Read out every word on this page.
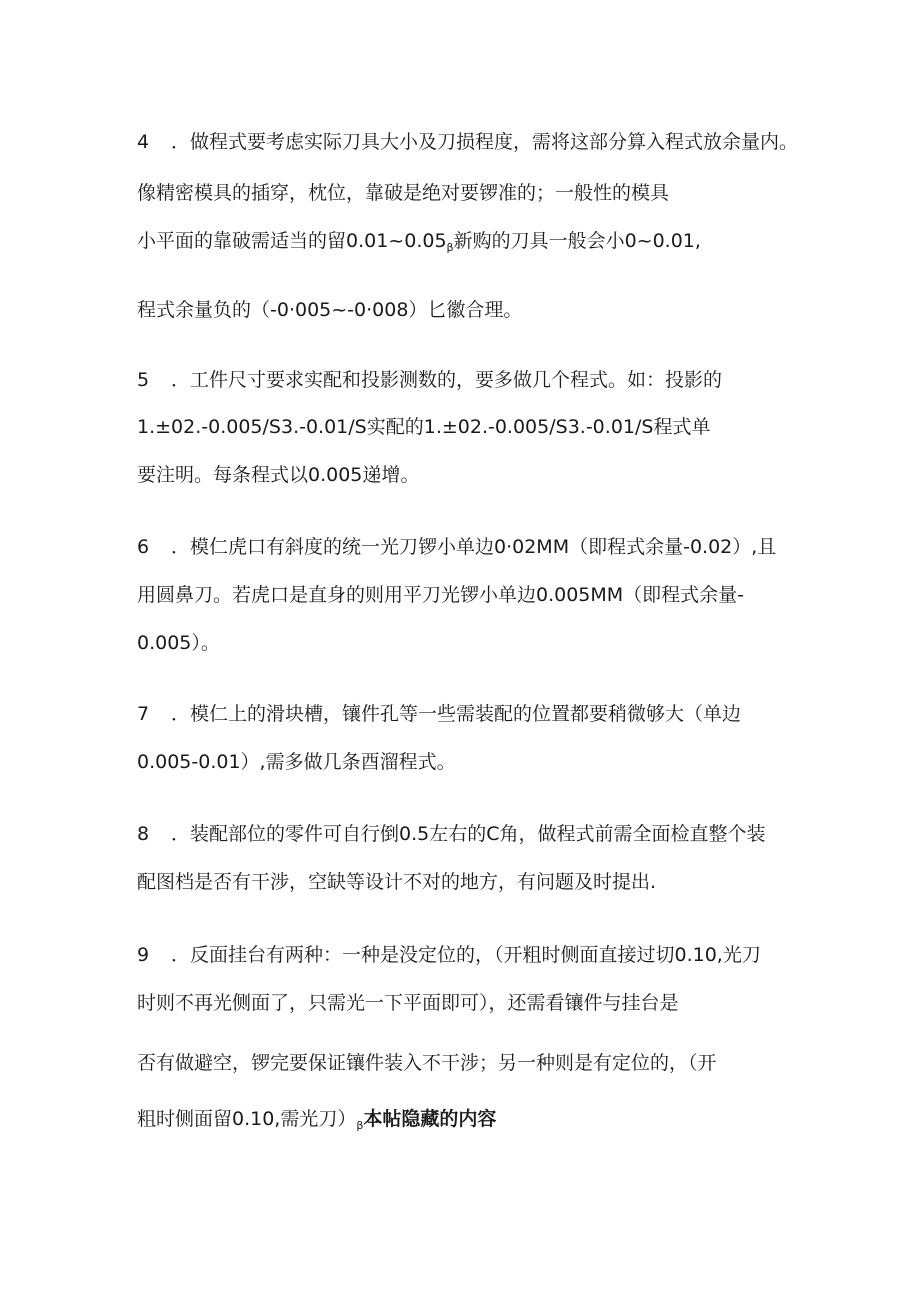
4 ．做程式要考虑实际刀具大小及刀损程度，需将这部分算入程式放余量内。
像精密模具的插穿，枕位，靠破是绝对要锣准的；一般性的模具
小平面的靠破需适当的留$0.01\sim 0.05_\beta$新购的刀具一般会小0~0.01,
程式余量负的（-0·005~-0·008）匕徽合理。
5 ．工件尺寸要求实配和投影测数的，要多做几个程式。如：投影的
1.±02.-0.005∕S3.-0.01/S实配的1.±02.-0.005∕S3.-0.01/S程式单
要注明。每条程式以0.005递增。
6 ．模仁虎口有斜度的统一光刀锣小单边0·02MM（即程式余量-0.02）,且
用圆鼻刀。若虎口是直身的则用平刀光锣小单边0.005MM（即程式余量-
0.005）。
7 ．模仁上的滑块槽，镶件孔等一些需装配的位置都要稍微够大（单边
0.005-0.01）,需多做几条酉溜程式。
8 ．装配部位的零件可自行倒0.5左右的C角，做程式前需全面检直整个装
配图档是否有干涉，空缺等设计不对的地方，有问题及时提出.
9 ．反面挂台有两种：一种是没定位的，（开粗时侧面直接过切0.10,光刀
时则不再光侧面了，只需光一下平面即可），还需看镶件与挂台是
否有做避空，锣完要保证镶件装入不干涉；另一种则是有定位的，（开
粗时侧面留0.10,需光刀）$_\beta$本帖隐藏的内容
